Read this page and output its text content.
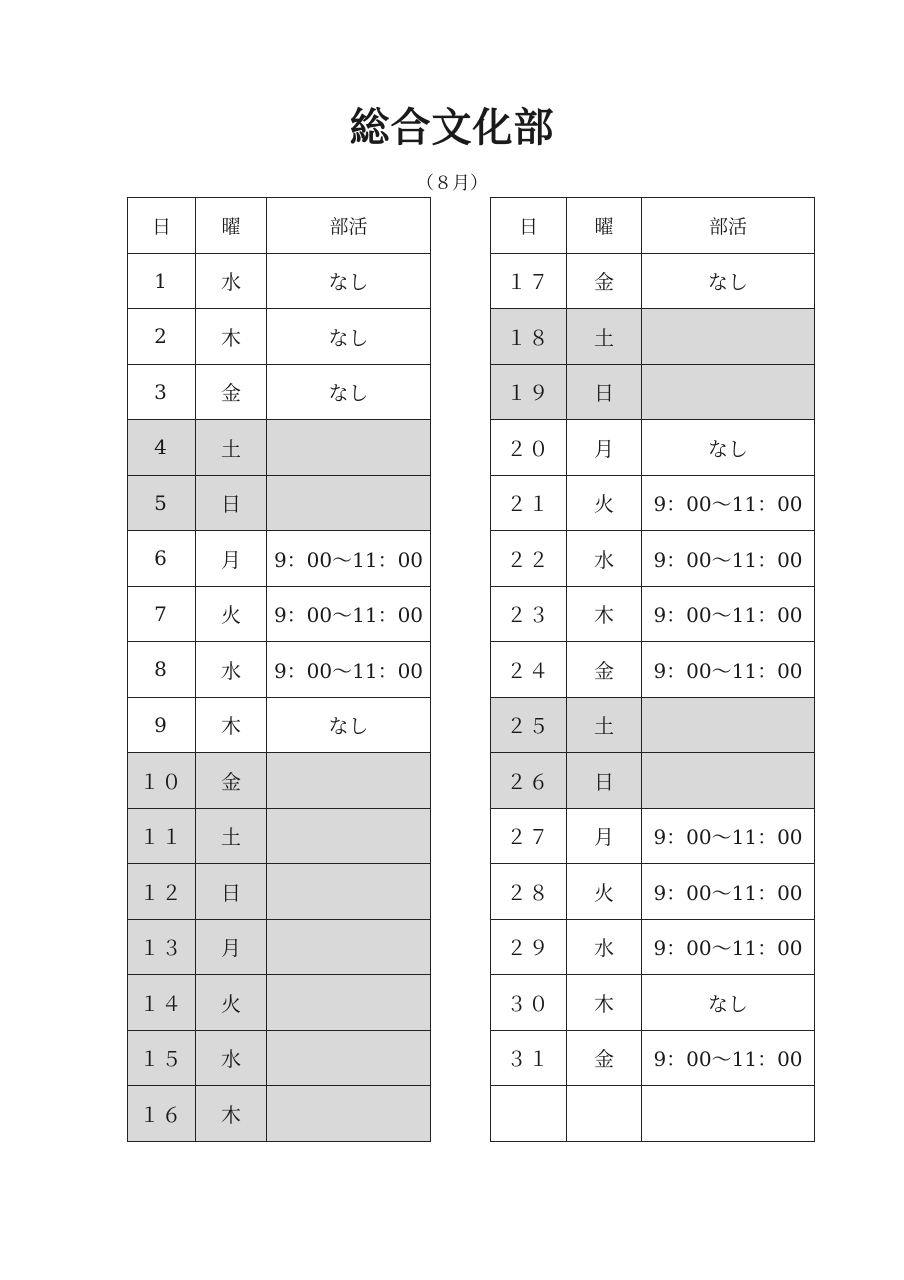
総合文化部
（８月）
日	曜	部活
1	水	なし
2	木	なし
3	金	なし
4	土	
5	日	
6	月	9：00～11：00
7	火	9：00～11：00
8	水	9：00～11：00
9	木	なし
１０	金	
１１	土	
１２	日	
１３	月	
１４	火	
１５	水	
１６	木	
日	曜	部活
１７	金	なし
１８	土	
１９	日	
２０	月	なし
２１	火	9：00～11：00
２２	水	9：00～11：00
２３	木	9：00～11：00
２４	金	9：00～11：00
２５	土	
２６	日	
２７	月	9：00～11：00
２８	火	9：00～11：00
２９	水	9：00～11：00
３０	木	なし
３１	金	9：00～11：00
